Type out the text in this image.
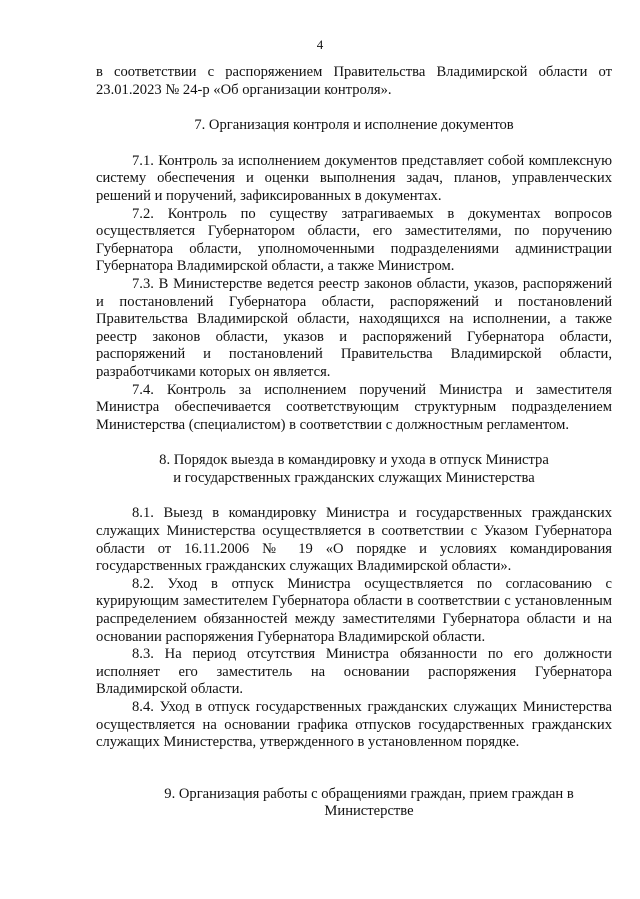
4

в соответствии с распоряжением Правительства Владимирской области от 23.01.2023 № 24-р «Об организации контроля».

7. Организация контроля и исполнение документов

7.1. Контроль за исполнением документов представляет собой комплексную систему обеспечения и оценки выполнения задач, планов, управленческих решений и поручений, зафиксированных в документах.

7.2. Контроль по существу затрагиваемых в документах вопросов осуществляется Губернатором области, его заместителями, по поручению Губернатора области, уполномоченными подразделениями администрации Губернатора Владимирской области, а также Министром.

7.3. В Министерстве ведется реестр законов области, указов, распоряжений и постановлений Губернатора области, распоряжений и постановлений Правительства Владимирской области, находящихся на исполнении, а также реестр законов области, указов и распоряжений Губернатора области, распоряжений и постановлений Правительства Владимирской области, разработчиками которых он является.

7.4. Контроль за исполнением поручений Министра и заместителя Министра обеспечивается соответствующим структурным подразделением Министерства (специалистом) в соответствии с должностным регламентом.

8. Порядок выезда в командировку и ухода в отпуск Министра
и государственных гражданских служащих Министерства

8.1. Выезд в командировку Министра и государственных гражданских служащих Министерства осуществляется в соответствии с Указом Губернатора области от 16.11.2006 № 19 «О порядке и условиях командирования государственных гражданских служащих Владимирской области».

8.2. Уход в отпуск Министра осуществляется по согласованию с курирующим заместителем Губернатора области в соответствии с установленным распределением обязанностей между заместителями Губернатора области и на основании распоряжения Губернатора Владимирской области.

8.3. На период отсутствия Министра обязанности по его должности исполняет его заместитель на основании распоряжения Губернатора Владимирской области.

8.4. Уход в отпуск государственных гражданских служащих Министерства осуществляется на основании графика отпусков государственных гражданских служащих Министерства, утвержденного в установленном порядке.

9. Организация работы с обращениями граждан, прием граждан в
Министерстве
